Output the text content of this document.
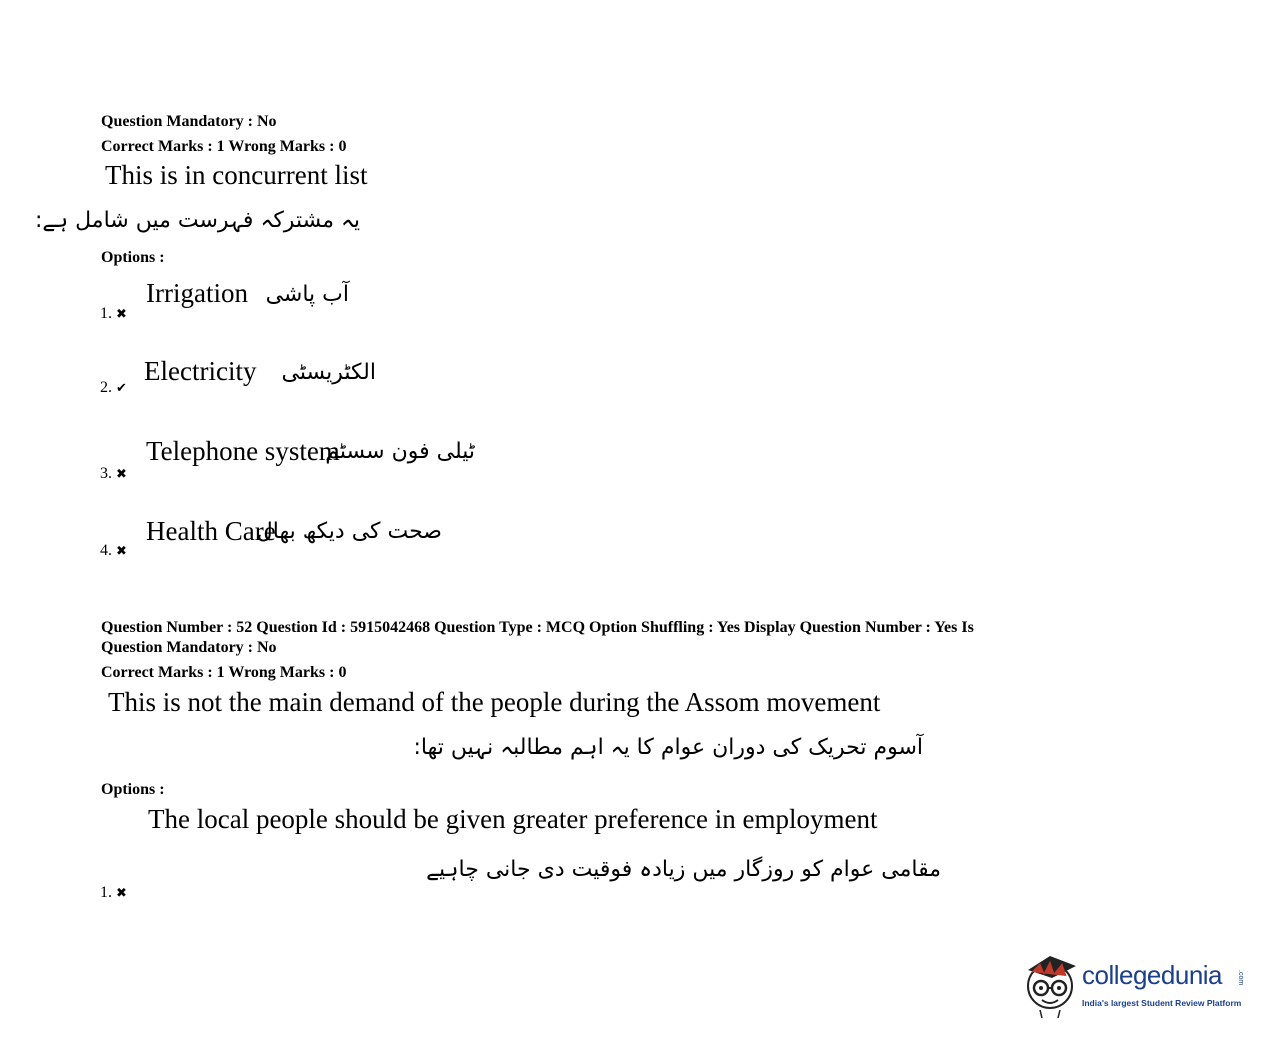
Question Mandatory : No
Correct Marks : 1 Wrong Marks : 0
This is in concurrent list
یہ مشترکہ فہرست میں شامل ہے:
Options :
1. ✖
Irrigation آب پاشی
2. ✔
Electricity الکٹریسٹی
3. ✖
Telephone system
ٹیلی فون سسٹم
4. ✖
Health Care
صحت کی دیکھ بھال
Question Number : 52 Question Id : 5915042468 Question Type : MCQ Option Shuffling : Yes Display Question Number : Yes Is
Question Mandatory : No
Correct Marks : 1 Wrong Marks : 0
This is not the main demand of the people during the Assom movement
آسوم تحریک کی دوران عوام کا یہ اہم مطالبہ نہیں تھا:
Options :
The local people should be given greater preference in employment
مقامی عوام کو روزگار میں زیادہ فوقیت دی جانی چاہیے
1. ✖
collegedunia .com
India's largest Student Review Platform
